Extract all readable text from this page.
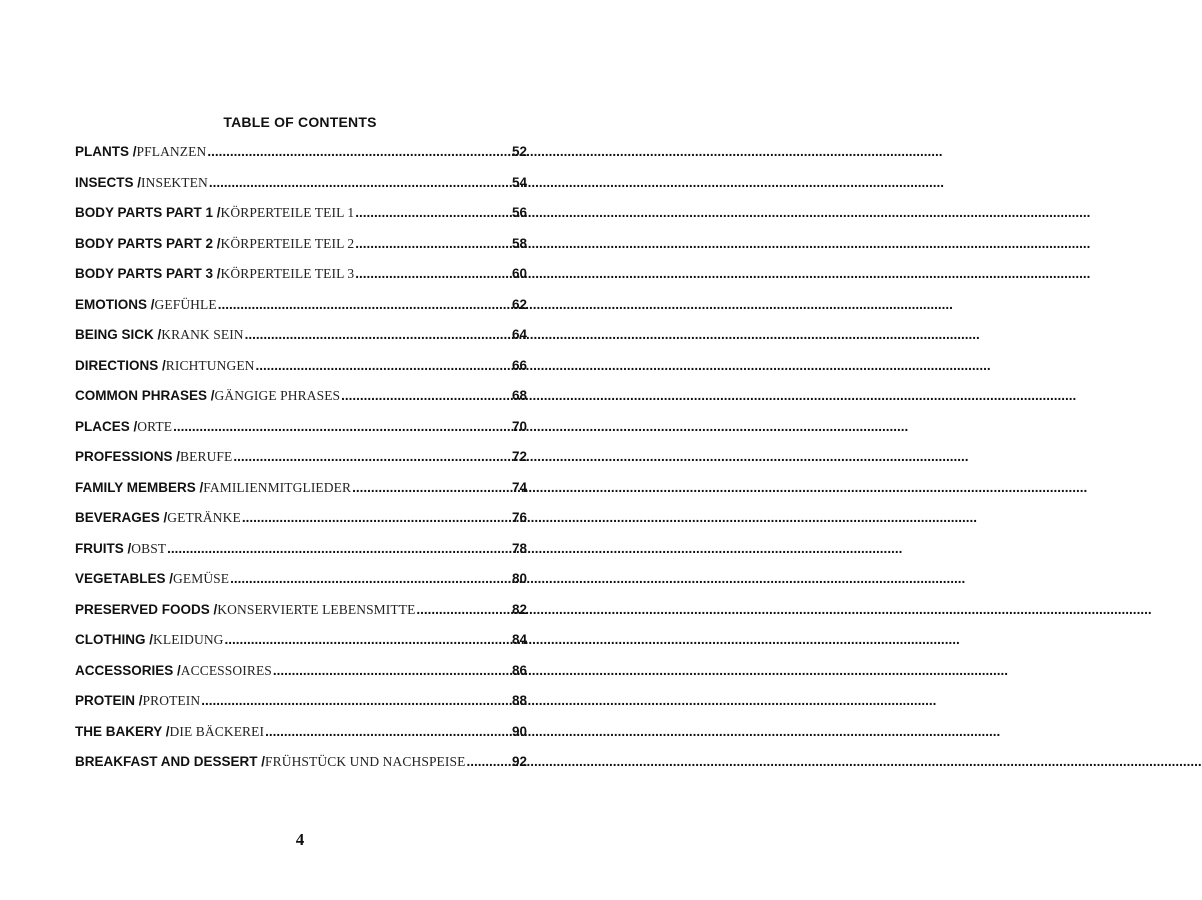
TABLE OF CONTENTS
PLANTS / PFLANZEN .....	52
INSECTS / INSEKTEN .....	54
BODY PARTS PART 1 / KÖRPERTEILE TEIL 1 .....	56
BODY PARTS PART 2 / KÖRPERTEILE TEIL 2 .....	58
BODY PARTS PART 3 / KÖRPERTEILE TEIL 3 .....	60
EMOTIONS / GEFÜHLE .....	62
BEING SICK / KRANK SEIN .....	64
DIRECTIONS / RICHTUNGEN .....	66
COMMON PHRASES / GÄNGIGE PHRASES .....	68
PLACES / ORTE .....	70
PROFESSIONS / BERUFE .....	72
FAMILY MEMBERS / FAMILIENMITGLIEDER .....	74
BEVERAGES / GETRÄNKE .....	76
FRUITS / OBST .....	78
VEGETABLES / GEMÜSE .....	80
PRESERVED FOODS / KONSERVIERTE LEBENSMITTE .....	82
CLOTHING / KLEIDUNG .....	84
ACCESSORIES / ACCESSOIRES .....	86
PROTEIN / PROTEIN .....	88
THE BAKERY / DIE BÄCKEREI .....	90
BREAKFAST AND DESSERT / FRÜHSTÜCK UND NACHSPEISE .....	92
4
